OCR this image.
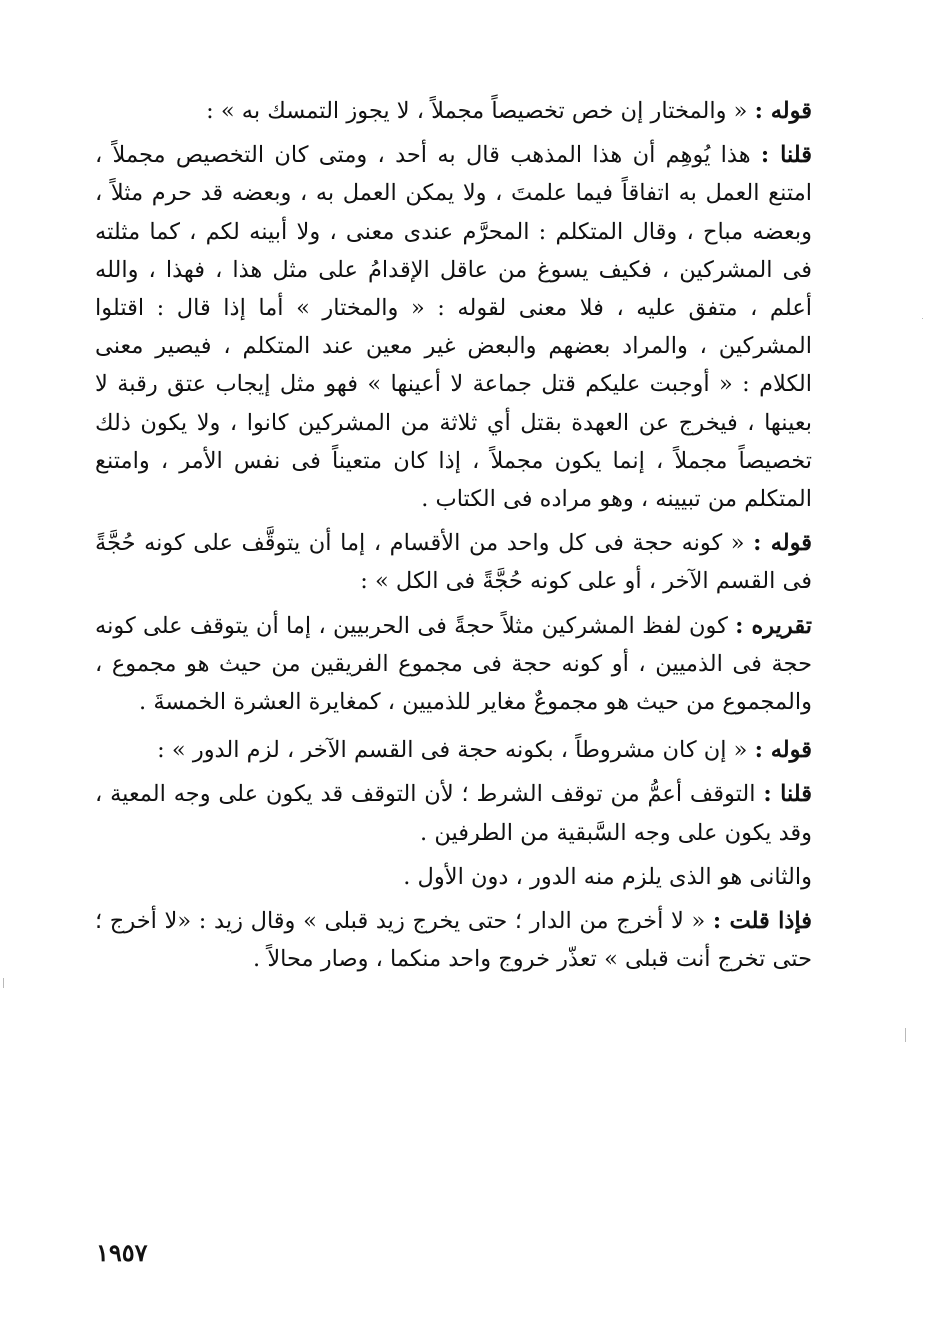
قوله : « والمختار إن خص تخصيصاً مجملاً ، لا يجوز التمسك به » :

قلنا : هذا يُوهِم أن هذا المذهب قال به أحد ، ومتى كان التخصيص مجملاً ، امتنع العمل به اتفاقاً فيما علمتَ ، ولا يمكن العمل به ، وبعضه قد حرم مثلاً ، وبعضه مباح ، وقال المتكلم : المحرَّم عندى معنى ، ولا أبينه لكم ، كما مثلته فى المشركين ، فكيف يسوغ من عاقل الإقدامُ على مثل هذا ، فهذا ، والله أعلم ، متفق عليه ، فلا معنى لقوله : « والمختار » أما إذا قال : اقتلوا المشركين ، والمراد بعضهم والبعض غير معين عند المتكلم ، فيصير معنى الكلام : « أوجبت عليكم قتل جماعة لا أعينها » فهو مثل إيجاب عتق رقبة لا بعينها ، فيخرج عن العهدة بقتل أي ثلاثة من المشركين كانوا ، ولا يكون ذلك تخصيصاً مجملاً ، إنما يكون مجملاً ، إذا كان متعيناً فى نفس الأمر ، وامتنع المتكلم من تبيينه ، وهو مراده فى الكتاب .

قوله : « كونه حجة فى كل واحد من الأقسام ، إما أن يتوقَّف على كونه حُجَّةً فى القسم الآخر ، أو على كونه حُجَّةً فى الكل » :

تقريره : كون لفظ المشركين مثلاً حجةً فى الحربيين ، إما أن يتوقف على كونه حجة فى الذميين ، أو كونه حجة فى مجموع الفريقين من حيث هو مجموع ، والمجموع من حيث هو مجموعٌ مغاير للذميين ، كمغايرة العشرة الخمسةَ .

قوله : « إن كان مشروطاً ، بكونه حجة فى القسم الآخر ، لزم الدور » :

قلنا : التوقف أعمُّ من توقف الشرط ؛ لأن التوقف قد يكون على وجه المعية ، وقد يكون على وجه السَّبقية من الطرفين .

والثانى هو الذى يلزم منه الدور ، دون الأول .

فإذا قلت : « لا أخرج من الدار ؛ حتى يخرج زيد قبلى » وقال زيد : «لا أخرج ؛ حتى تخرج أنت قبلى » تعذّر خروج واحد منكما ، وصار محالاً .

١٩٥٧
